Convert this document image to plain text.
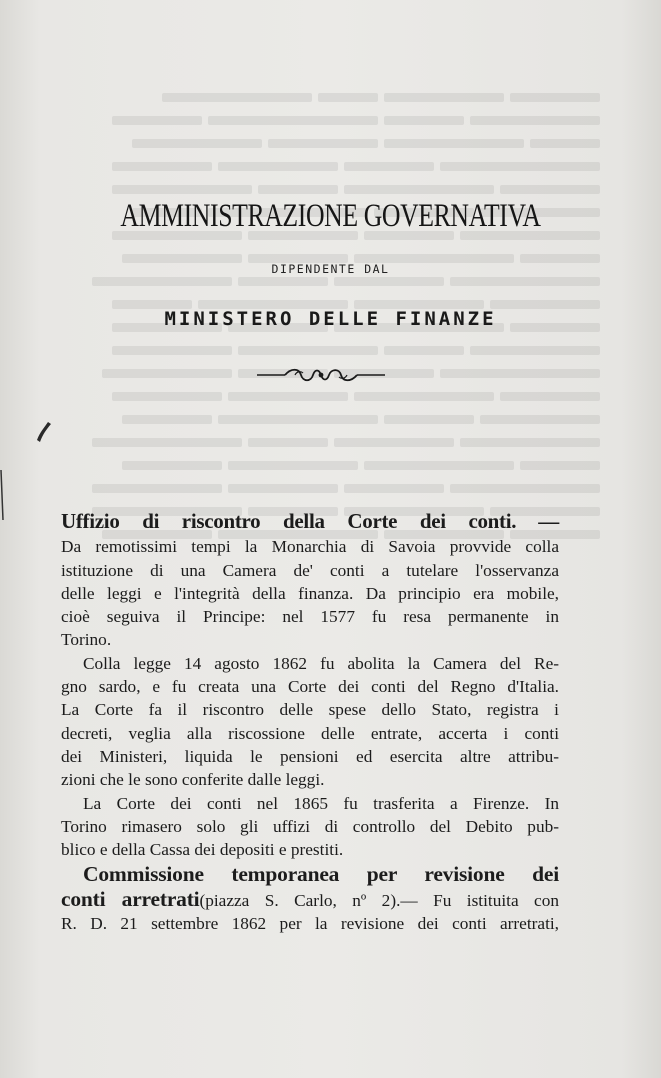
AMMINISTRAZIONE GOVERNATIVA
DIPENDENTE DAL
MINISTERO DELLE FINANZE

Uffizio di riscontro della Corte dei conti. —

Da remotissimi tempi la Monarchia di Savoia provvide colla

istituzione di una Camera de' conti a tutelare l'osservanza

delle leggi e l'integrità della finanza. Da principio era mobile,

cioè seguiva il Principe: nel 1577 fu resa permanente in

Torino.

Colla legge 14 agosto 1862 fu abolita la Camera del Re-

gno sardo, e fu creata una Corte dei conti del Regno d'Italia.

La Corte fa il riscontro delle spese dello Stato, registra i

decreti, veglia alla riscossione delle entrate, accerta i conti

dei Ministeri, liquida le pensioni ed esercita altre attribu-

zioni che le sono conferite dalle leggi.

La Corte dei conti nel 1865 fu trasferita a Firenze. In

Torino rimasero solo gli uffizi di controllo del Debito pub-

blico e della Cassa dei depositi e prestiti.

Commissione temporanea per revisione dei

conti arretrati(piazza S. Carlo, nº 2).— Fu istituita con

R. D. 21 settembre 1862 per la revisione dei conti arretrati,
